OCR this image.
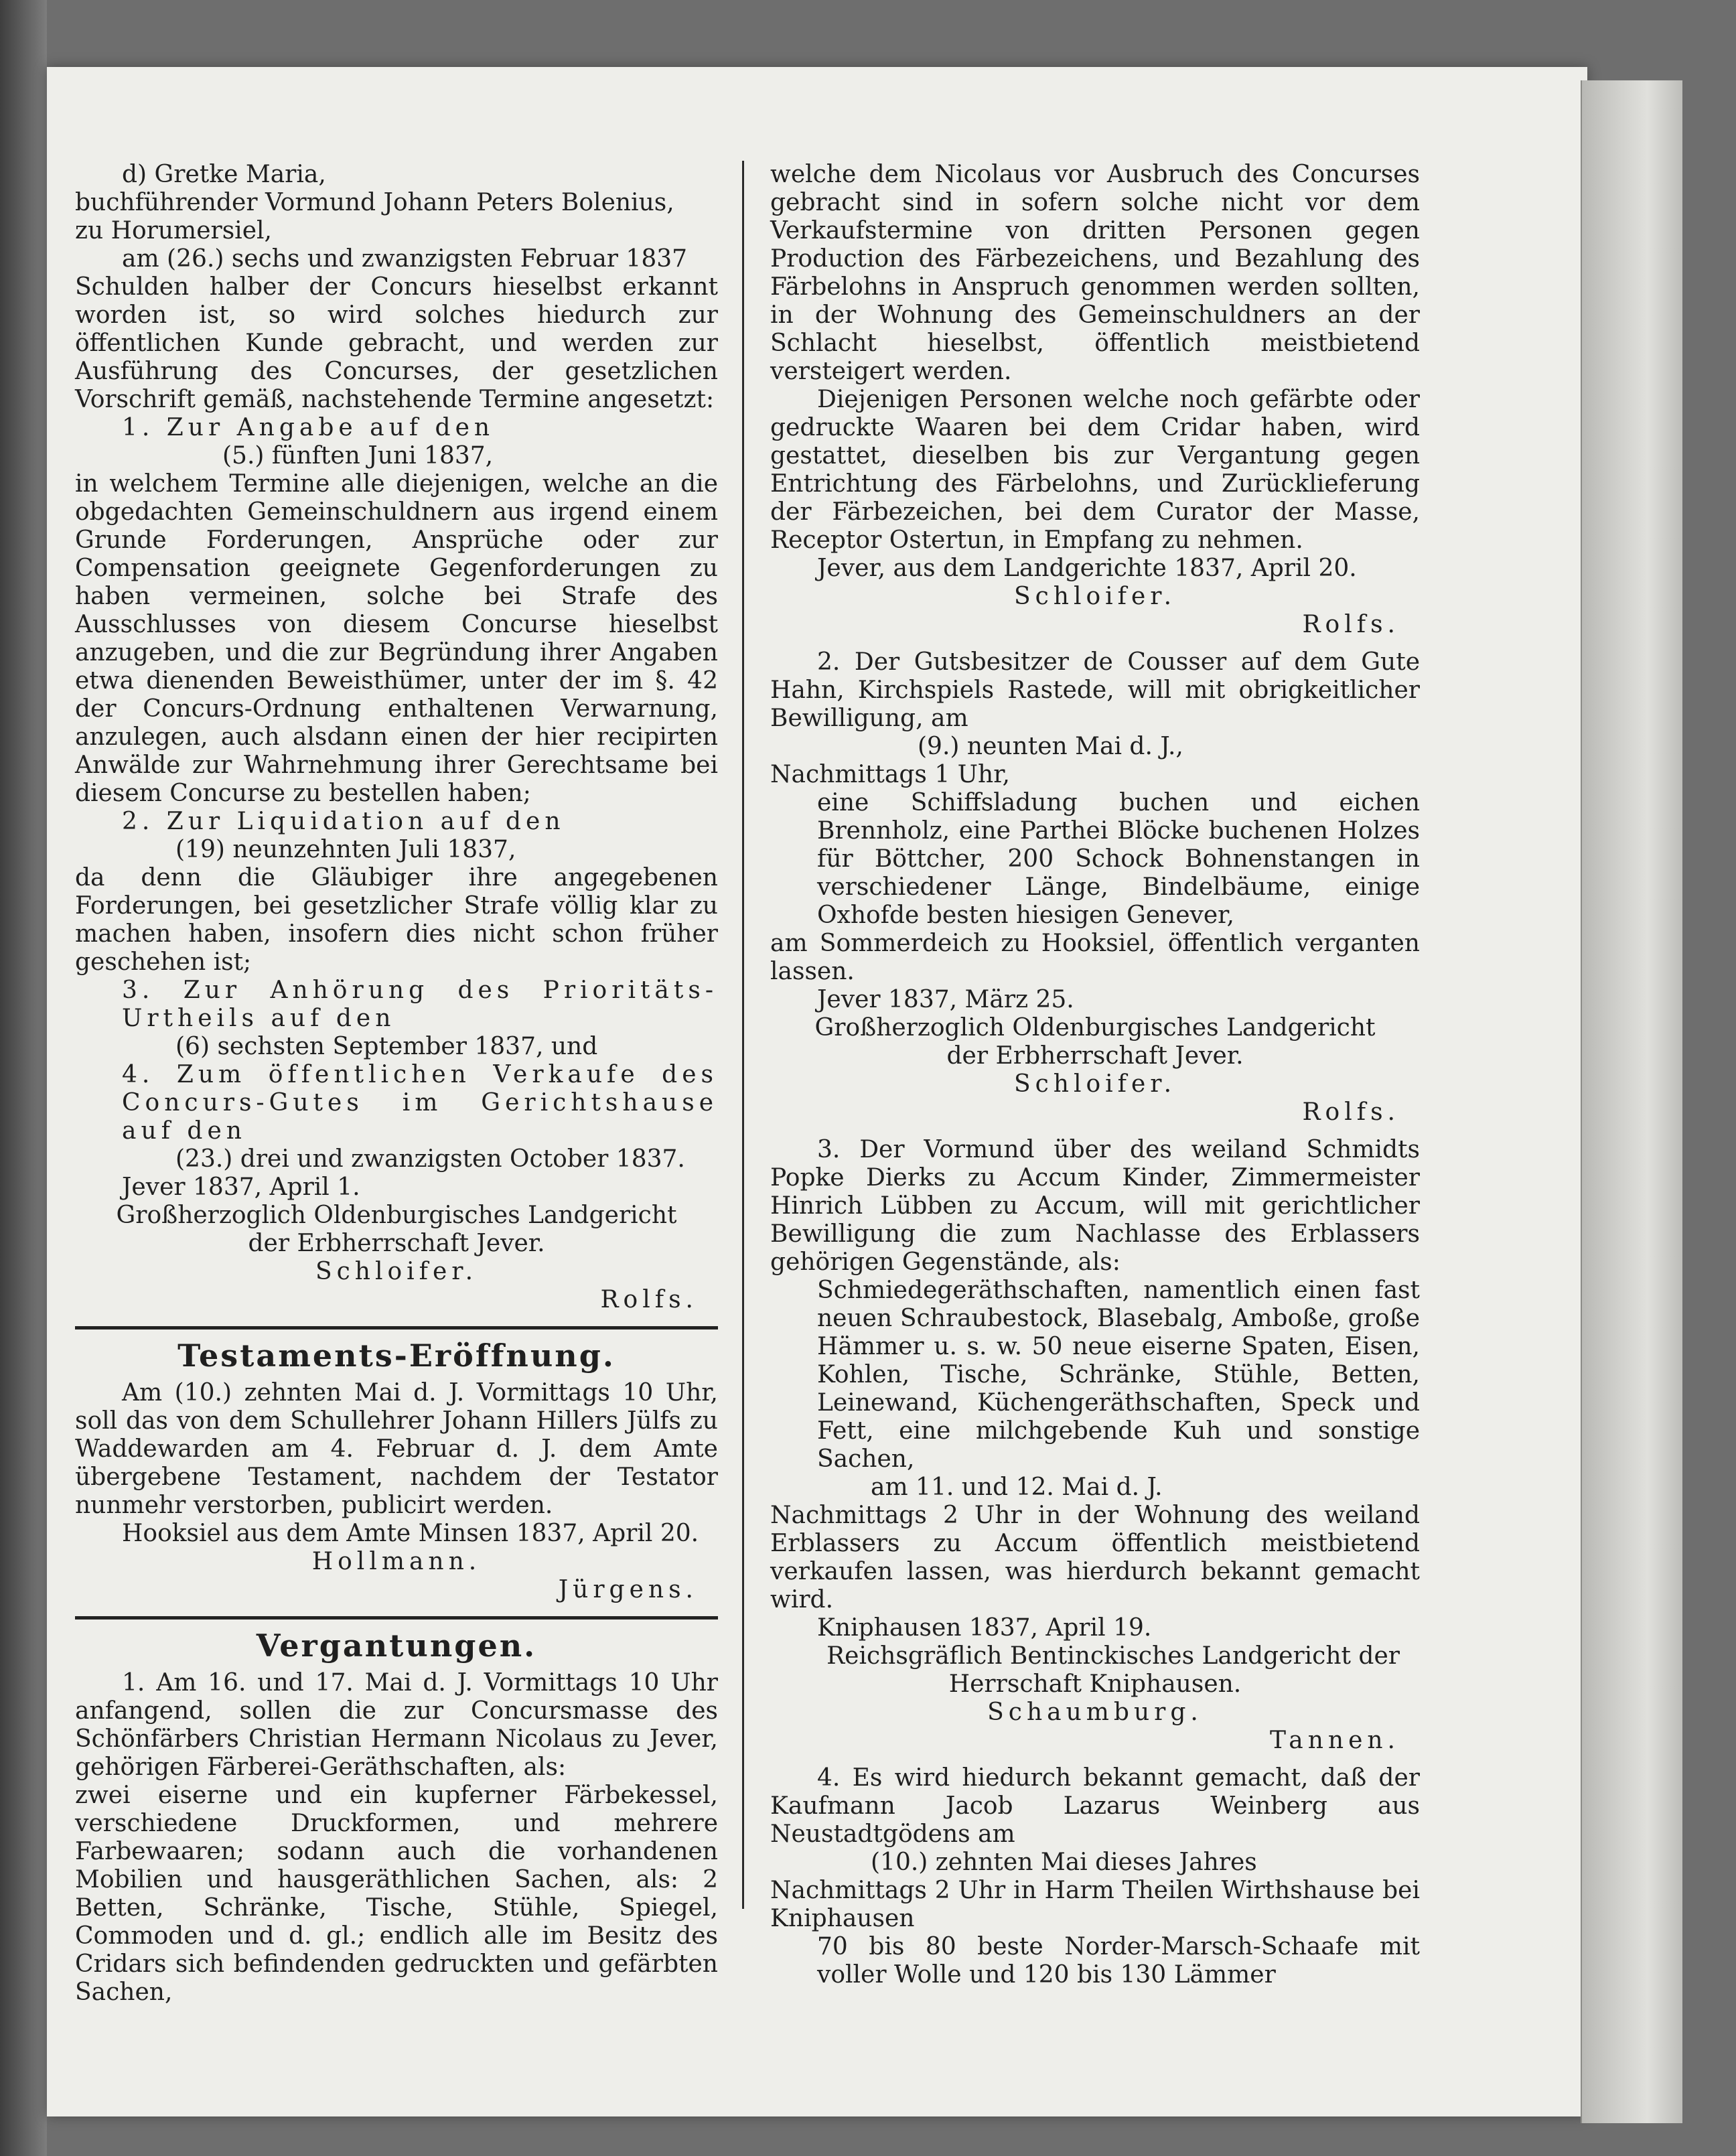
d) Gretke Maria,

buchführender Vormund Johann Peters Bolenius,

zu Horumersiel,

am (26.) sechs und zwanzigsten Februar 1837

Schulden halber der Concurs hieselbst erkannt worden ist, so wird solches hiedurch zur öffentlichen Kunde gebracht, und werden zur Ausführung des Concurses, der gesetzlichen Vorschrift gemäß, nachstehende Termine angesetzt:

1. Zur Angabe auf den

(5.) fünften Juni 1837,

in welchem Termine alle diejenigen, welche an die obgedachten Gemeinschuldnern aus irgend einem Grunde Forderungen, Ansprüche oder zur Compensation geeignete Gegenforderungen zu haben vermeinen, solche bei Strafe des Ausschlusses von diesem Concurse hieselbst anzugeben, und die zur Begründung ihrer Angaben etwa dienenden Beweisthümer, unter der im §. 42 der Concurs-Ordnung enthaltenen Verwarnung, anzulegen, auch alsdann einen der hier recipirten Anwälde zur Wahrnehmung ihrer Gerechtsame bei diesem Concurse zu bestellen haben;

2. Zur Liquidation auf den

(19) neunzehnten Juli 1837,

da denn die Gläubiger ihre angegebenen Forderungen, bei gesetzlicher Strafe völlig klar zu machen haben, insofern dies nicht schon früher geschehen ist;

3. Zur Anhörung des Prioritäts-Urtheils auf den

(6) sechsten September 1837, und

4. Zum öffentlichen Verkaufe des Concurs-Gutes im Gerichtshause auf den

(23.) drei und zwanzigsten October 1837.

Jever 1837, April 1.

Großherzoglich Oldenburgisches Landgericht

der Erbherrschaft Jever.

Schloifer.

Rolfs.

Testaments-Eröffnung.

Am (10.) zehnten Mai d. J. Vormittags 10 Uhr, soll das von dem Schullehrer Johann Hillers Jülfs zu Waddewarden am 4. Februar d. J. dem Amte übergebene Testament, nachdem der Testator nunmehr verstorben, publicirt werden.

Hooksiel aus dem Amte Minsen 1837, April 20.

Hollmann.

Jürgens.

Vergantungen.

1. Am 16. und 17. Mai d. J. Vormittags 10 Uhr anfangend, sollen die zur Concursmasse des Schönfärbers Christian Hermann Nicolaus zu Jever, gehörigen Färberei-Geräthschaften, als:

zwei eiserne und ein kupferner Färbekessel, verschiedene Druckformen, und mehrere Farbewaaren; sodann auch die vorhandenen Mobilien und hausgeräthlichen Sachen, als: 2 Betten, Schränke, Tische, Stühle, Spiegel, Commoden und d. gl.; endlich alle im Besitz des Cridars sich befindenden gedruckten und gefärbten Sachen,

welche dem Nicolaus vor Ausbruch des Concurses gebracht sind in sofern solche nicht vor dem Verkaufstermine von dritten Personen gegen Production des Färbezeichens, und Bezahlung des Färbelohns in Anspruch genommen werden sollten, in der Wohnung des Gemeinschuldners an der Schlacht hieselbst, öffentlich meistbietend versteigert werden.

Diejenigen Personen welche noch gefärbte oder gedruckte Waaren bei dem Cridar haben, wird gestattet, dieselben bis zur Vergantung gegen Entrichtung des Färbelohns, und Zurücklieferung der Färbezeichen, bei dem Curator der Masse, Receptor Ostertun, in Empfang zu nehmen.

Jever, aus dem Landgerichte 1837, April 20.

Schloifer.

Rolfs.

2. Der Gutsbesitzer de Cousser auf dem Gute Hahn, Kirchspiels Rastede, will mit obrigkeitlicher Bewilligung, am

(9.) neunten Mai d. J.,

Nachmittags 1 Uhr,

eine Schiffsladung buchen und eichen Brennholz, eine Parthei Blöcke buchenen Holzes für Böttcher, 200 Schock Bohnenstangen in verschiedener Länge, Bindelbäume, einige Oxhofde besten hiesigen Genever,

am Sommerdeich zu Hooksiel, öffentlich verganten lassen.

Jever 1837, März 25.

Großherzoglich Oldenburgisches Landgericht

der Erbherrschaft Jever.

Schloifer.

Rolfs.

3. Der Vormund über des weiland Schmidts Popke Dierks zu Accum Kinder, Zimmermeister Hinrich Lübben zu Accum, will mit gerichtlicher Bewilligung die zum Nachlasse des Erblassers gehörigen Gegenstände, als:

Schmiedegeräthschaften, namentlich einen fast neuen Schraubestock, Blasebalg, Amboße, große Hämmer u. s. w. 50 neue eiserne Spaten, Eisen, Kohlen, Tische, Schränke, Stühle, Betten, Leinewand, Küchengeräthschaften, Speck und Fett, eine milchgebende Kuh und sonstige Sachen,

am 11. und 12. Mai d. J.

Nachmittags 2 Uhr in der Wohnung des weiland Erblassers zu Accum öffentlich meistbietend verkaufen lassen, was hierdurch bekannt gemacht wird.

Kniphausen 1837, April 19.

Reichsgräflich Bentinckisches Landgericht der

Herrschaft Kniphausen.

Schaumburg.

Tannen.

4. Es wird hiedurch bekannt gemacht, daß der Kaufmann Jacob Lazarus Weinberg aus Neustadtgödens am

(10.) zehnten Mai dieses Jahres

Nachmittags 2 Uhr in Harm Theilen Wirthshause bei Kniphausen

70 bis 80 beste Norder-Marsch-Schaafe mit voller Wolle und 120 bis 130 Lämmer
